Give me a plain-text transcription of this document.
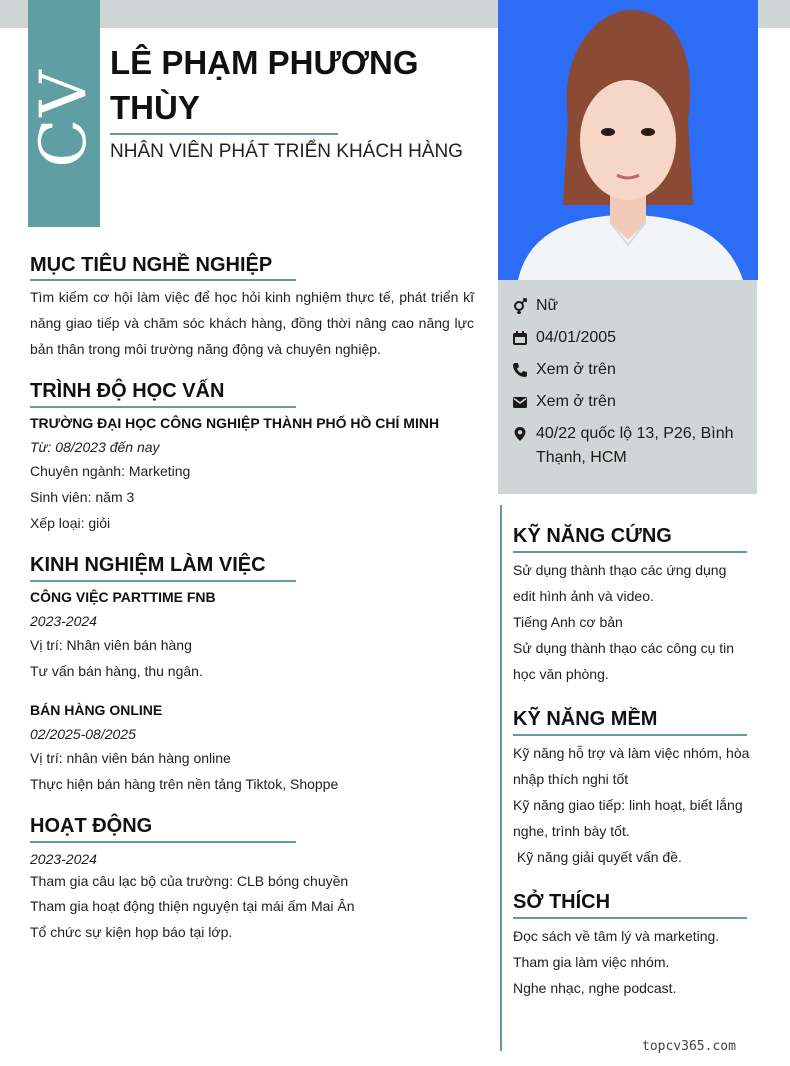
CV
LÊ PHẠM PHƯƠNG THÙY
NHÂN VIÊN PHÁT TRIỂN KHÁCH HÀNG
Nữ
04/01/2005
Xem ở trên
Xem ở trên
40/22 quốc lộ 13, P26, Bình Thạnh, HCM
MỤC TIÊU NGHỀ NGHIỆP
Tìm kiếm cơ hội làm việc để học hỏi kinh nghiệm thực tế, phát triển kĩ năng giao tiếp và chăm sóc khách hàng, đồng thời nâng cao năng lực bản thân trong môi trường năng động và chuyên nghiệp.
TRÌNH ĐỘ HỌC VẤN
TRƯỜNG ĐẠI HỌC CÔNG NGHIỆP THÀNH PHỐ HỒ CHÍ MINH
Từ: 08/2023 đến nay
Chuyên ngành: Marketing
Sinh viên: năm 3
Xếp loại: giỏi
KINH NGHIỆM LÀM VIỆC
CÔNG VIỆC PARTTIME FNB
2023-2024
Vị trí: Nhân viên bán hàng
Tư vấn bán hàng, thu ngân.
BÁN HÀNG ONLINE
02/2025-08/2025
Vị trí: nhân viên bán hàng online
Thực hiện bán hàng trên nền tảng Tiktok, Shoppe
HOẠT ĐỘNG
2023-2024
Tham gia câu lạc bộ của trường: CLB bóng chuyền
Tham gia hoạt động thiện nguyện tại mái ấm Mai Ân
Tổ chức sự kiện họp báo tại lớp.
KỸ NĂNG CỨNG
Sử dụng thành thạo các ứng dụng
edit hình ảnh và video.
Tiếng Anh cơ bản
Sử dụng thành thạo các công cụ tin
học văn phòng.
KỸ NĂNG MỀM
Kỹ năng hỗ trợ và làm việc nhóm, hòa
nhập thích nghi tốt
Kỹ năng giao tiếp: linh hoạt, biết lắng
nghe, trình bày tốt.
Kỹ năng giải quyết vấn đề.
SỞ THÍCH
Đọc sách về tâm lý và marketing.
Tham gia làm việc nhóm.
Nghe nhạc, nghe podcast.
topcv365.com
